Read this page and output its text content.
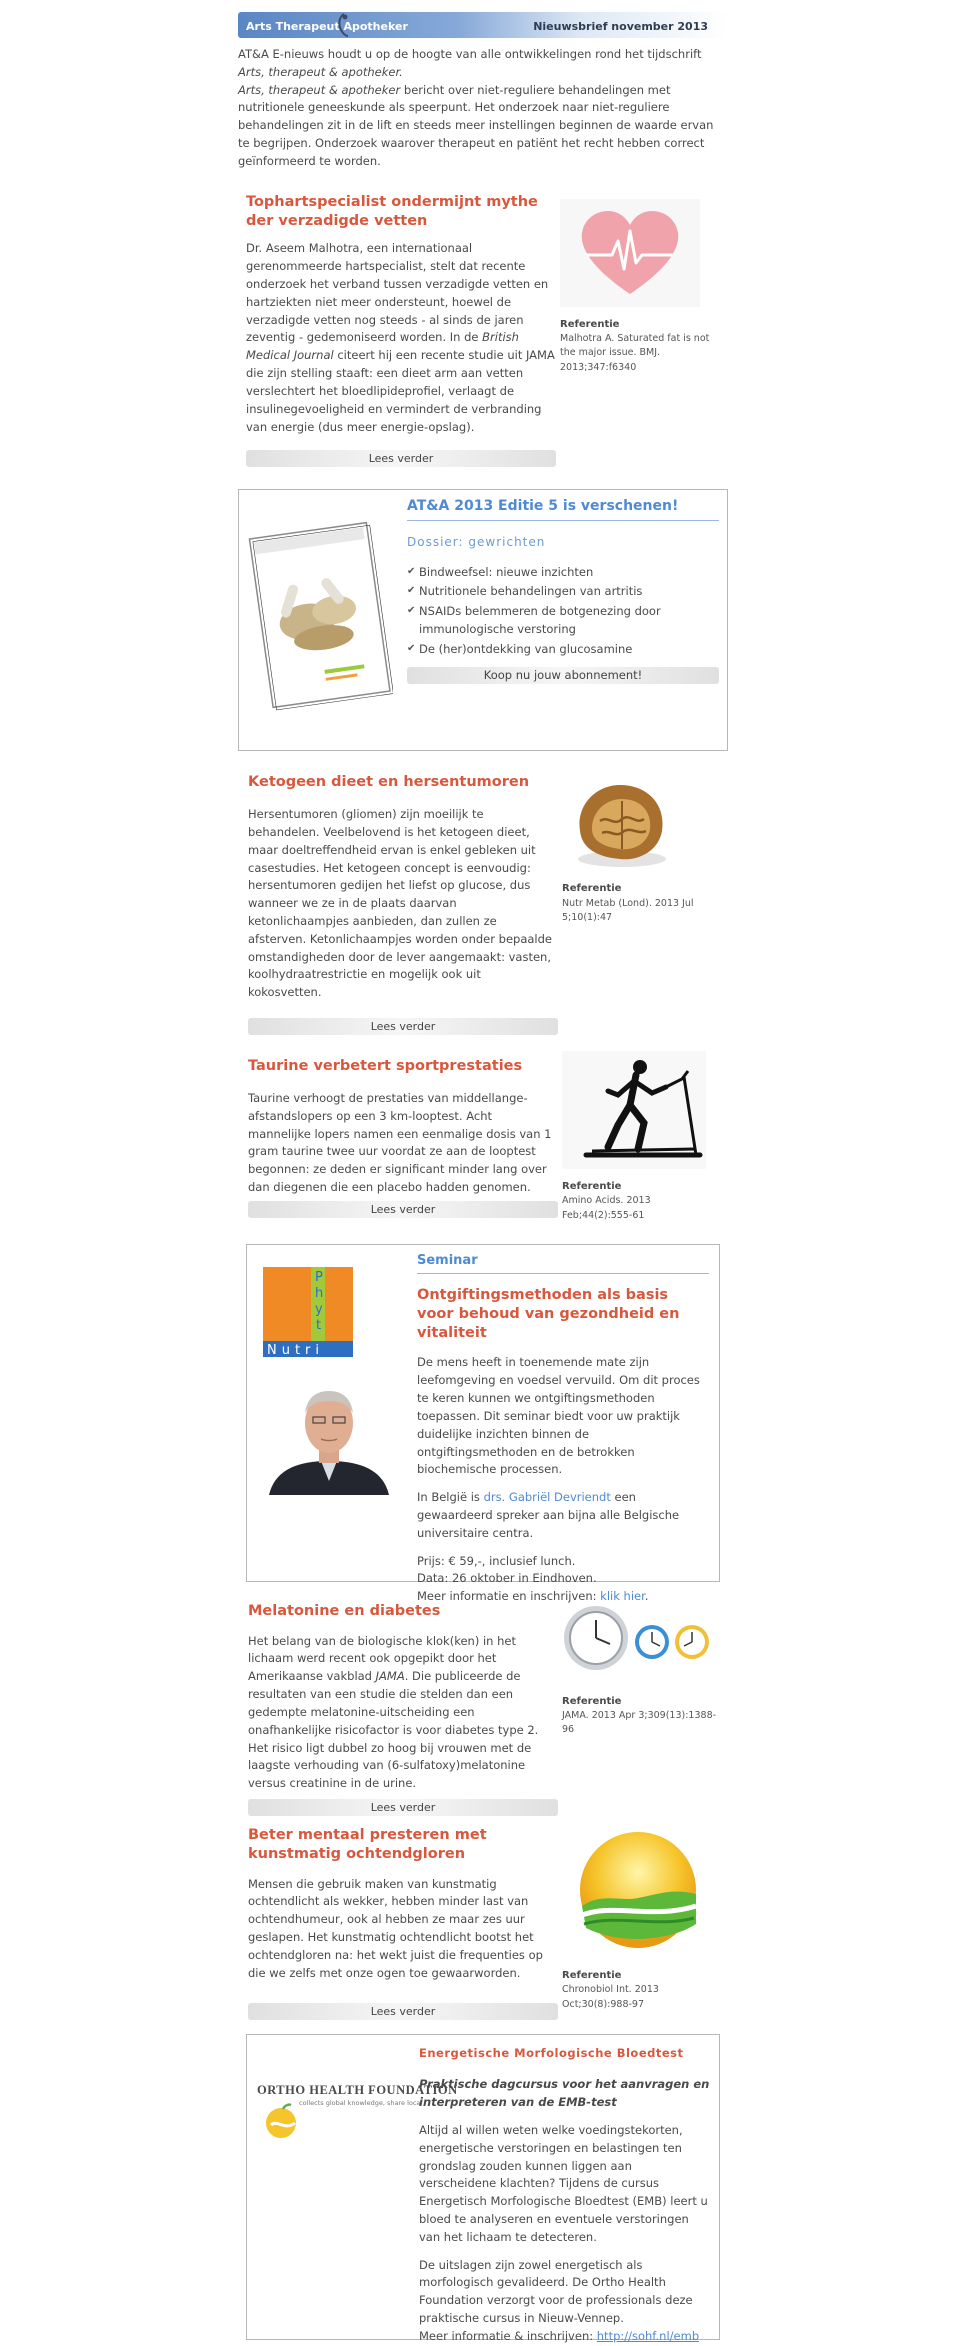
Arts Therapeut Apotheker	Nieuwsbrief november 2013

AT&A E-nieuws houdt u op de hoogte van alle ontwikkelingen rond het tijdschrift

Arts, therapeut & apotheker.

Arts, therapeut & apotheker bericht over niet-reguliere behandelingen met nutritionele geneeskunde als speerpunt. Het onderzoek naar niet-reguliere behandelingen zit in de lift en steeds meer instellingen beginnen de waarde ervan te begrijpen. Onderzoek waarover therapeut en patiënt het recht hebben correct geïnformeerd te worden.

Tophartspecialist ondermijnt mythe der verzadigde vetten

Dr. Aseem Malhotra, een internationaal gerenommeerde hartspecialist, stelt dat recente onderzoek het verband tussen verzadigde vetten en hartziekten niet meer ondersteunt, hoewel de verzadigde vetten nog steeds - al sinds de jaren zeventig - gedemoniseerd worden. In de British Medical Journal citeert hij een recente studie uit JAMA die zijn stelling staaft: een dieet arm aan vetten verslechtert het bloedlipideprofiel, verlaagt de insulinegevoeligheid en vermindert de verbranding van energie (dus meer energie-opslag).

Referentie
Malhotra A. Saturated fat is not the major issue. BMJ. 2013;347:f6340
Lees verder
AT&A 2013 Editie 5 is verschenen!
Dossier: gewrichten
✔ Bindweefsel: nieuwe inzichten
✔ Nutritionele behandelingen van artritis
✔ NSAIDs belemmeren de botgenezing door immunologische verstoring
✔ De (her)ontdekking van glucosamine
Koop nu jouw abonnement!
Ketogeen dieet en hersentumoren

Hersentumoren (gliomen) zijn moeilijk te behandelen. Veelbelovend is het ketogeen dieet, maar doeltreffendheid ervan is enkel gebleken uit casestudies. Het ketogeen concept is eenvoudig: hersentumoren gedijen het liefst op glucose, dus wanneer we ze in de plaats daarvan ketonlichaampjes aanbieden, dan zullen ze afsterven. Ketonlichaampjes worden onder bepaalde omstandigheden door de lever aangemaakt: vasten, koolhydraatrestrictie en mogelijk ook uit kokosvetten.

Referentie
Nutr Metab (Lond). 2013 Jul 5;10(1):47
Lees verder
Taurine verbetert sportprestaties

Taurine verhoogt de prestaties van middellange-afstandslopers op een 3 km-looptest. Acht mannelijke lopers namen een eenmalige dosis van 1 gram taurine twee uur voordat ze aan de looptest begonnen: ze deden er significant minder lang over dan diegenen die een placebo hadden genomen.	Referentie
Amino Acids. 2013 Feb;44(2):555-61
Lees verder
P
h
y
t
Nutri
Seminar
Ontgiftingsmethoden als basis voor behoud van gezondheid en vitaliteit

De mens heeft in toenemende mate zijn leefomgeving en voedsel vervuild. Om dit proces te keren kunnen we ontgiftingsmethoden toepassen. Dit seminar biedt voor uw praktijk duidelijke inzichten binnen de ontgiftingsmethoden en de betrokken biochemische processen.

In België is drs. Gabriël Devriendt een gewaardeerd spreker aan bijna alle Belgische universitaire centra.

Prijs: € 59,-, inclusief lunch.

Data: 26 oktober in Eindhoven.

Meer informatie en inschrijven: klik hier.

Melatonine en diabetes

Het belang van de biologische klok(ken) in het lichaam werd recent ook opgepikt door het Amerikaanse vakblad JAMA. Die publiceerde de resultaten van een studie die stelden dan een gedempte melatonine-uitscheiding een onafhankelijke risicofactor is voor diabetes type 2. Het risico ligt dubbel zo hoog bij vrouwen met de laagste verhouding van (6-sulfatoxy)melatonine versus creatinine in de urine.

Referentie
JAMA. 2013 Apr 3;309(13):1388-96
Lees verder
Beter mentaal presteren met kunstmatig ochtendgloren

Mensen die gebruik maken van kunstmatig ochtendlicht als wekker, hebben minder last van ochtendhumeur, ook al hebben ze maar zes uur geslapen. Het kunstmatig ochtendlicht bootst het ochtendgloren na: het wekt juist die frequenties op die we zelfs met onze ogen toe gewaarworden.	Referentie
Chronobiol Int. 2013 Oct;30(8):988-97
Lees verder
ORTHO HEALTH FOUNDATION
collects global knowledge, share local
Energetische Morfologische Bloedtest

Praktische dagcursus voor het aanvragen en interpreteren van de EMB-test

Altijd al willen weten welke voedingstekorten, energetische verstoringen en belastingen ten grondslag zouden kunnen liggen aan verscheidene klachten? Tijdens de cursus Energetisch Morfologische Bloedtest (EMB) leert u bloed te analyseren en eventuele verstoringen van het lichaam te detecteren.

De uitslagen zijn zowel energetisch als morfologisch gevalideerd. De Ortho Health Foundation verzorgt voor de professionals deze praktische cursus in Nieuw-Vennep.

Meer informatie & inschrijven: http://sohf.nl/emb
